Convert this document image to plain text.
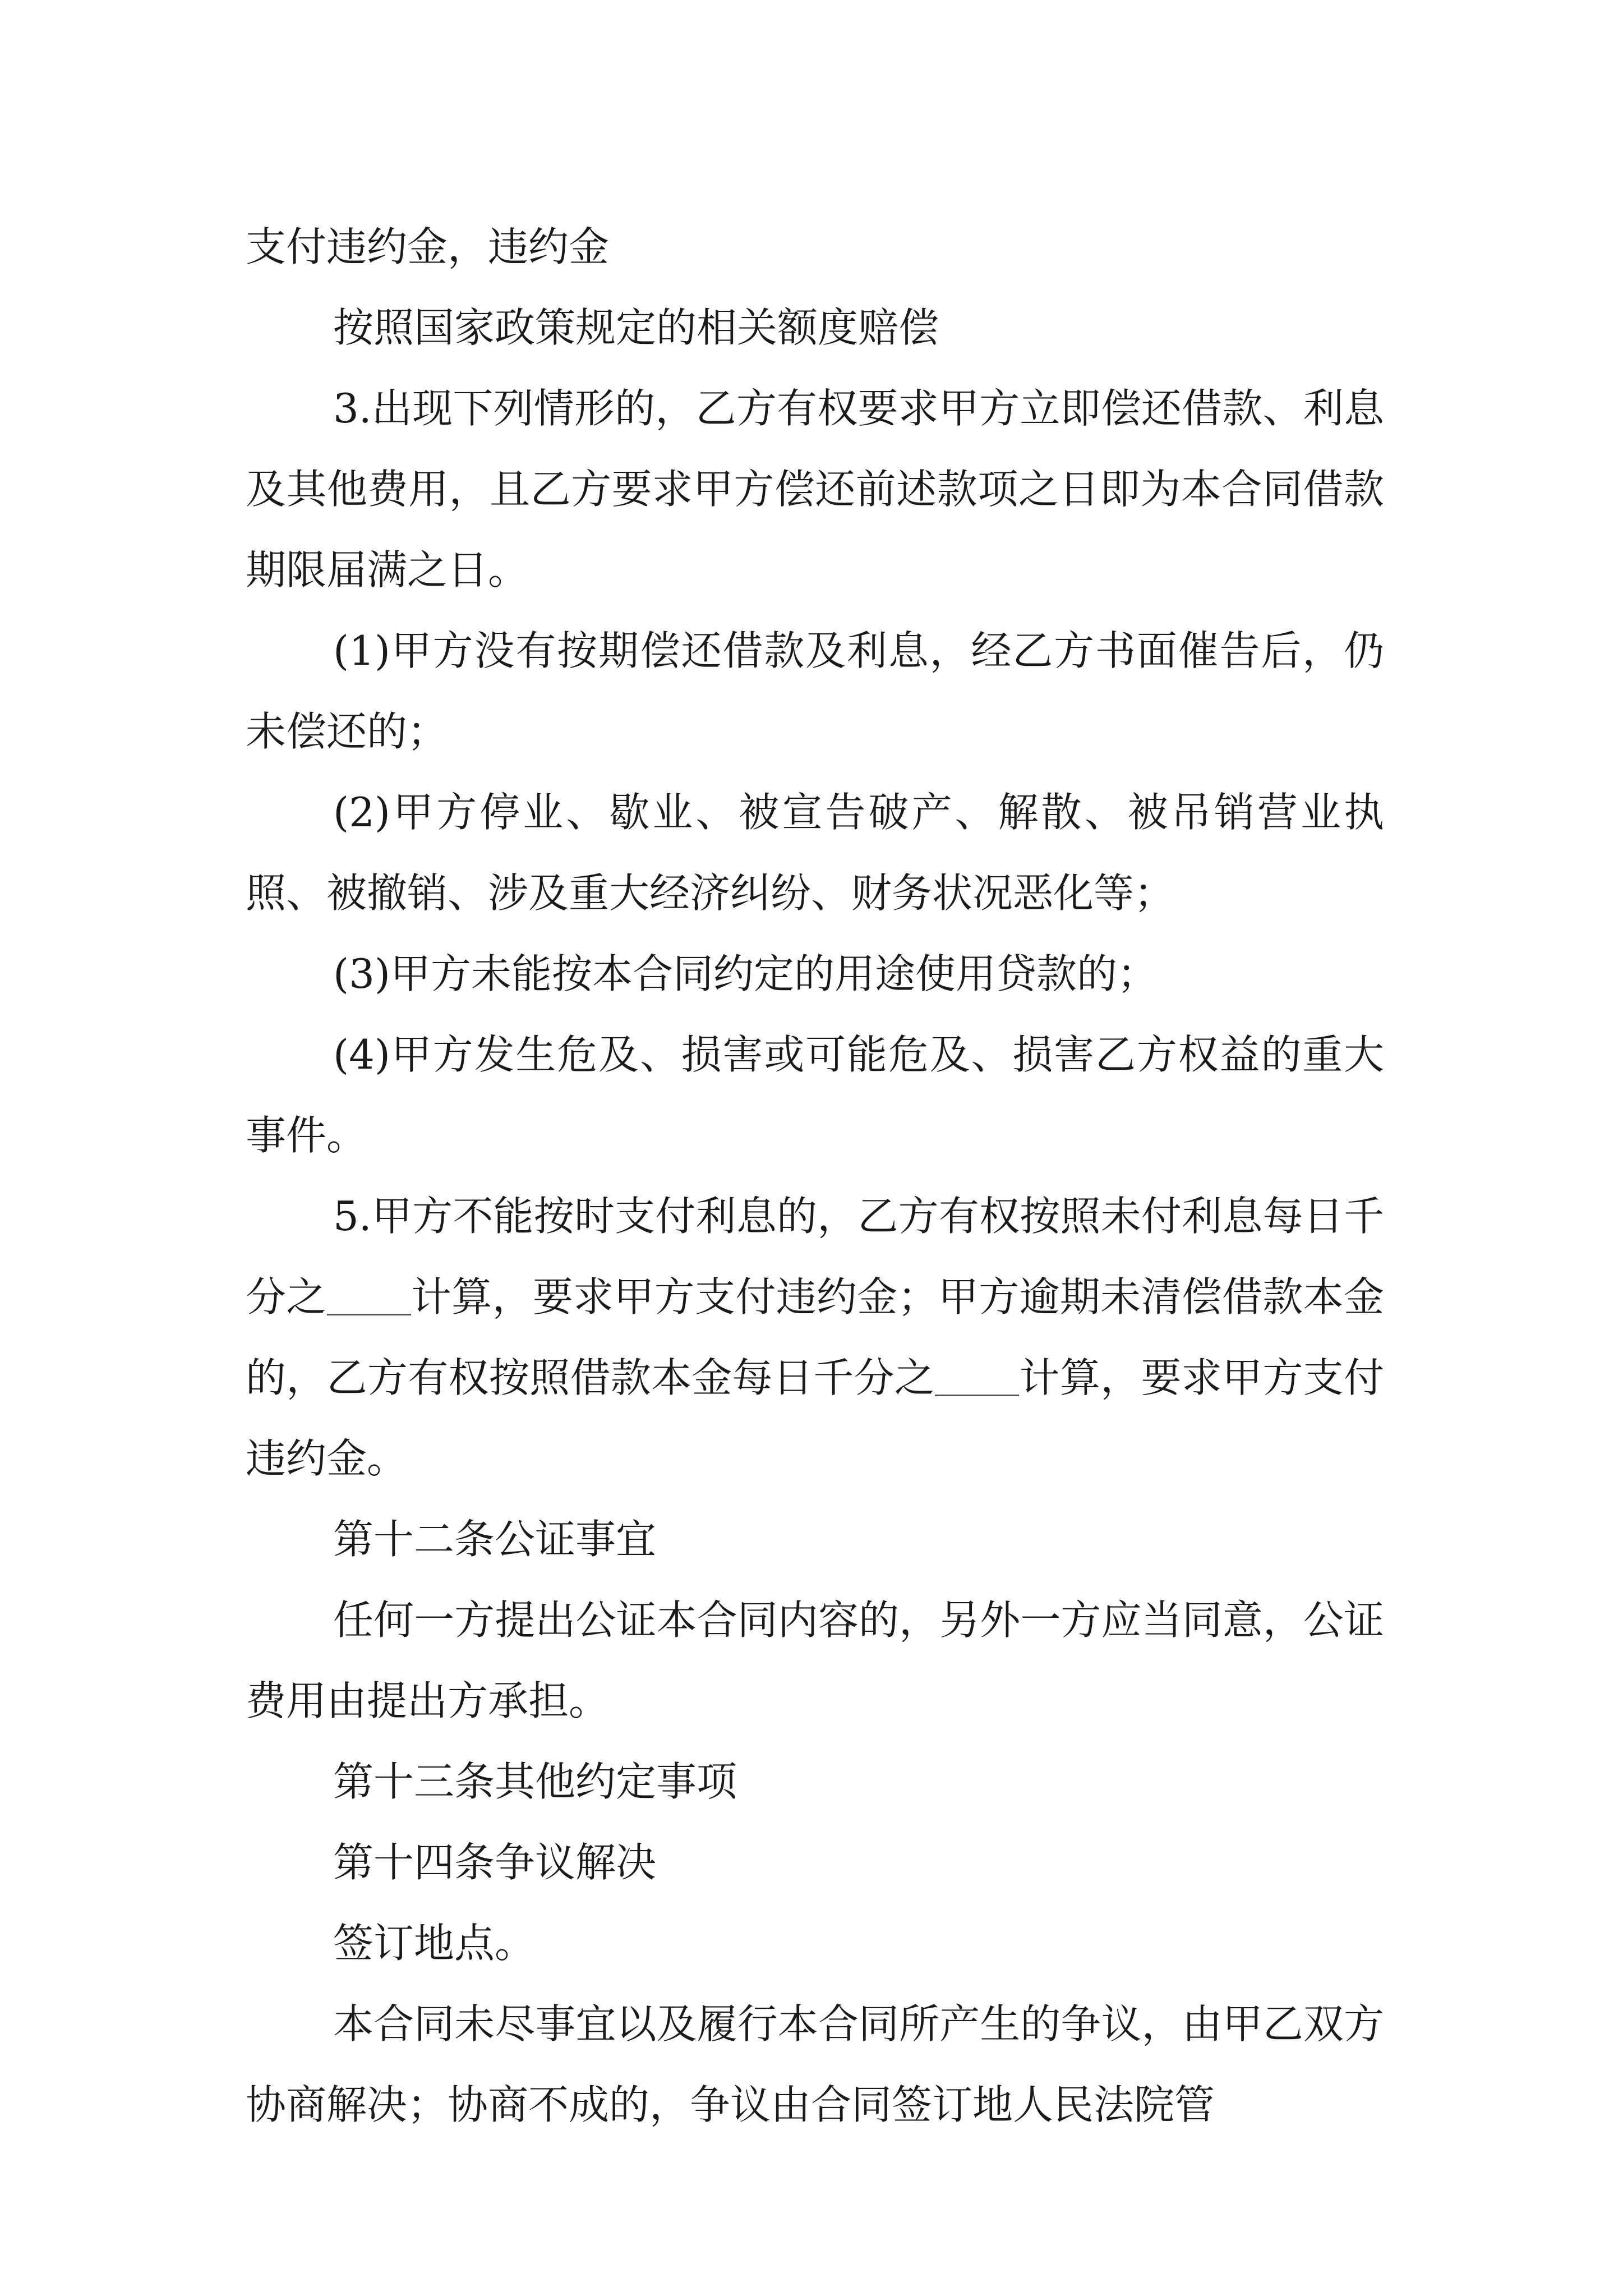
支付违约金，违约金

按照国家政策规定的相关额度赔偿

3.出现下列情形的，乙方有权要求甲方立即偿还借款、利息及其他费用，且乙方要求甲方偿还前述款项之日即为本合同借款期限届满之日。

(1)甲方没有按期偿还借款及利息，经乙方书面催告后，仍未偿还的；

(2)甲方停业、歇业、被宣告破产、解散、被吊销营业执照、被撤销、涉及重大经济纠纷、财务状况恶化等；

(3)甲方未能按本合同约定的用途使用贷款的；

(4)甲方发生危及、损害或可能危及、损害乙方权益的重大事件。

5.甲方不能按时支付利息的，乙方有权按照未付利息每日千分之 计算，要求甲方支付违约金；甲方逾期未清偿借款本金的，乙方有权按照借款本金每日千分之 计算，要求甲方支付违约金。

第十二条公证事宜

任何一方提出公证本合同内容的，另外一方应当同意，公证费用由提出方承担。

第十三条其他约定事项

第十四条争议解决

签订地点。

本合同未尽事宜以及履行本合同所产生的争议，由甲乙双方协商解决；协商不成的，争议由合同签订地人民法院管
